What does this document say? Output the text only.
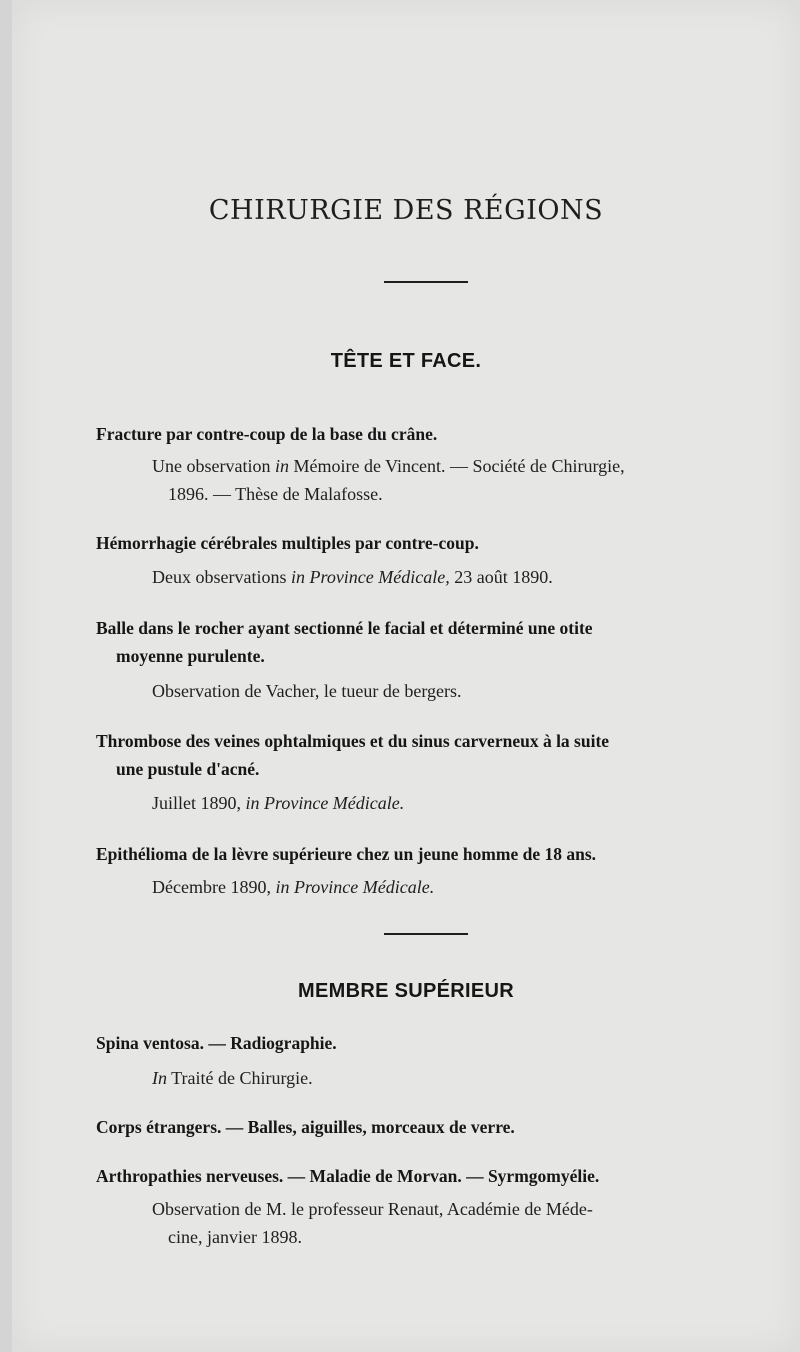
CHIRURGIE DES RÉGIONS
TÊTE ET FACE.
Fracture par contre-coup de la base du crâne.
Une observation in Mémoire de Vincent. — Société de Chirurgie,
1896. — Thèse de Malafosse.
Hémorrhagie cérébrales multiples par contre-coup.
Deux observations in Province Médicale, 23 août 1890.
Balle dans le rocher ayant sectionné le facial et déterminé une otite
moyenne purulente.
Observation de Vacher, le tueur de bergers.
Thrombose des veines ophtalmiques et du sinus carverneux à la suite
une pustule d'acné.
Juillet 1890, in Province Médicale.
Epithélioma de la lèvre supérieure chez un jeune homme de 18 ans.
Décembre 1890, in Province Médicale.
MEMBRE SUPÉRIEUR
Spina ventosa. — Radiographie.
In Traité de Chirurgie.
Corps étrangers. — Balles, aiguilles, morceaux de verre.
Arthropathies nerveuses. — Maladie de Morvan. — Syrmgomyélie.
Observation de M. le professeur Renaut, Académie de Méde-
cine, janvier 1898.
